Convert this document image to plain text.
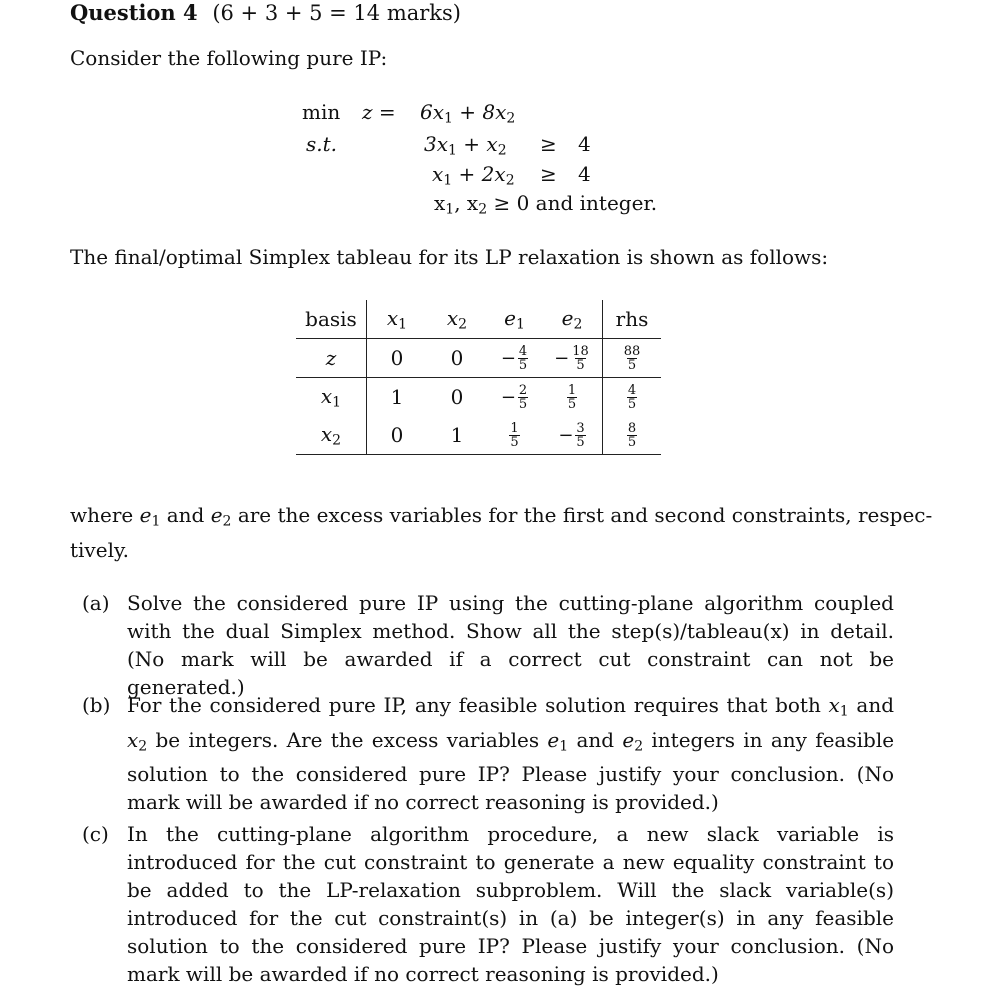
Question 4 (6 + 3 + 5 = 14 marks)
Consider the following pure IP:
$\min z = 6x_1 + 8x_2$
s.t.	$3x_1 + x_2 \ge 4$
$x_1 + 2x_2 \ge 4$
$x_1$, $x_2 \ge 0$ and integer.
The final/optimal Simplex tableau for its LP relaxation is shown as follows:
basis	$x_1$	$x_2$	$e_1$	$e_2$	rhs
z	0	0	− $\frac{4}{5}$	− $\frac{18}{5}$	$\frac{88}{5}$

$x_1$	1	0	− $\frac{2}{5}$	$\frac{1}{5}$	$\frac{4}{5}$

$x_2$	0	1	$\frac{1}{5}$	− $\frac{3}{5}$	$\frac{8}{5}$
where $e_1$ and $e_2$ are the excess variables for the first and second constraints, respec-
tively.
(a) Solve the considered pure IP using the cutting-plane algorithm coupled with the dual Simplex method. Show all the step(s)/tableau(x) in detail. (No mark will be awarded if a correct cut constraint can not be generated.)
(b) For the considered pure IP, any feasible solution requires that both $x_1$ and $x_2$ be integers. Are the excess variables $e_1$ and $e_2$ integers in any feasible solution to the considered pure IP? Please justify your conclusion. (No mark will be awarded if no correct reasoning is provided.)
(c) In the cutting-plane algorithm procedure, a new slack variable is introduced for the cut constraint to generate a new equality constraint to be added to the LP-relaxation subproblem. Will the slack variable(s) introduced for the cut constraint(s) in (a) be integer(s) in any feasible solution to the considered pure IP? Please justify your conclusion. (No mark will be awarded if no correct reasoning is provided.)
